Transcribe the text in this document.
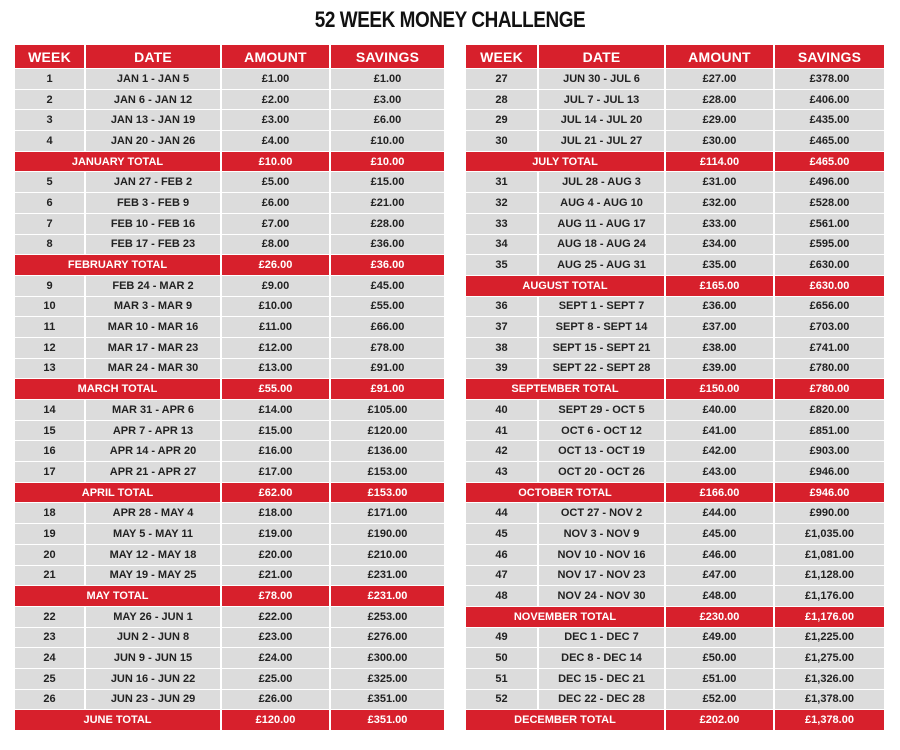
52 WEEK MONEY CHALLENGE
WEEK	DATE	AMOUNT	SAVINGS
1	JAN 1 - JAN 5	£1.00	£1.00
2	JAN 6 - JAN 12	£2.00	£3.00
3	JAN 13 - JAN 19	£3.00	£6.00
4	JAN 20 - JAN 26	£4.00	£10.00
JANUARY TOTAL		£10.00	£10.00
5	JAN 27 - FEB 2	£5.00	£15.00
6	FEB 3 - FEB 9	£6.00	£21.00
7	FEB 10 - FEB 16	£7.00	£28.00
8	FEB 17 - FEB 23	£8.00	£36.00
FEBRUARY TOTAL		£26.00	£36.00
9	FEB 24 - MAR 2	£9.00	£45.00
10	MAR 3 - MAR 9	£10.00	£55.00
11	MAR 10 - MAR 16	£11.00	£66.00
12	MAR 17 - MAR 23	£12.00	£78.00
13	MAR 24 - MAR 30	£13.00	£91.00
MARCH TOTAL		£55.00	£91.00
14	MAR 31 - APR 6	£14.00	£105.00
15	APR 7 - APR 13	£15.00	£120.00
16	APR 14 - APR 20	£16.00	£136.00
17	APR 21 - APR 27	£17.00	£153.00
APRIL TOTAL		£62.00	£153.00
18	APR 28 - MAY 4	£18.00	£171.00
19	MAY 5 - MAY 11	£19.00	£190.00
20	MAY 12 - MAY 18	£20.00	£210.00
21	MAY 19 - MAY 25	£21.00	£231.00
MAY TOTAL		£78.00	£231.00
22	MAY 26 - JUN 1	£22.00	£253.00
23	JUN 2 - JUN 8	£23.00	£276.00
24	JUN 9 - JUN 15	£24.00	£300.00
25	JUN 16 - JUN 22	£25.00	£325.00
26	JUN 23 - JUN 29	£26.00	£351.00
JUNE TOTAL		£120.00	£351.00
WEEK	DATE	AMOUNT	SAVINGS
27	JUN 30 - JUL 6	£27.00	£378.00
28	JUL 7 - JUL 13	£28.00	£406.00
29	JUL 14 - JUL 20	£29.00	£435.00
30	JUL 21 - JUL 27	£30.00	£465.00
JULY TOTAL		£114.00	£465.00
31	JUL 28 - AUG 3	£31.00	£496.00
32	AUG 4 - AUG 10	£32.00	£528.00
33	AUG 11 - AUG 17	£33.00	£561.00
34	AUG 18 - AUG 24	£34.00	£595.00
35	AUG 25 - AUG 31	£35.00	£630.00
AUGUST TOTAL		£165.00	£630.00
36	SEPT 1 - SEPT 7	£36.00	£656.00
37	SEPT 8 - SEPT 14	£37.00	£703.00
38	SEPT 15 - SEPT 21	£38.00	£741.00
39	SEPT 22 - SEPT 28	£39.00	£780.00
SEPTEMBER TOTAL		£150.00	£780.00
40	SEPT 29 - OCT 5	£40.00	£820.00
41	OCT 6 - OCT 12	£41.00	£851.00
42	OCT 13 - OCT 19	£42.00	£903.00
43	OCT 20 - OCT 26	£43.00	£946.00
OCTOBER TOTAL		£166.00	£946.00
44	OCT 27 - NOV 2	£44.00	£990.00
45	NOV 3 - NOV 9	£45.00	£1,035.00
46	NOV 10 - NOV 16	£46.00	£1,081.00
47	NOV 17 - NOV 23	£47.00	£1,128.00
48	NOV 24 - NOV 30	£48.00	£1,176.00
NOVEMBER TOTAL		£230.00	£1,176.00
49	DEC 1 - DEC 7	£49.00	£1,225.00
50	DEC 8 - DEC 14	£50.00	£1,275.00
51	DEC 15 - DEC 21	£51.00	£1,326.00
52	DEC 22 - DEC 28	£52.00	£1,378.00
DECEMBER TOTAL		£202.00	£1,378.00
